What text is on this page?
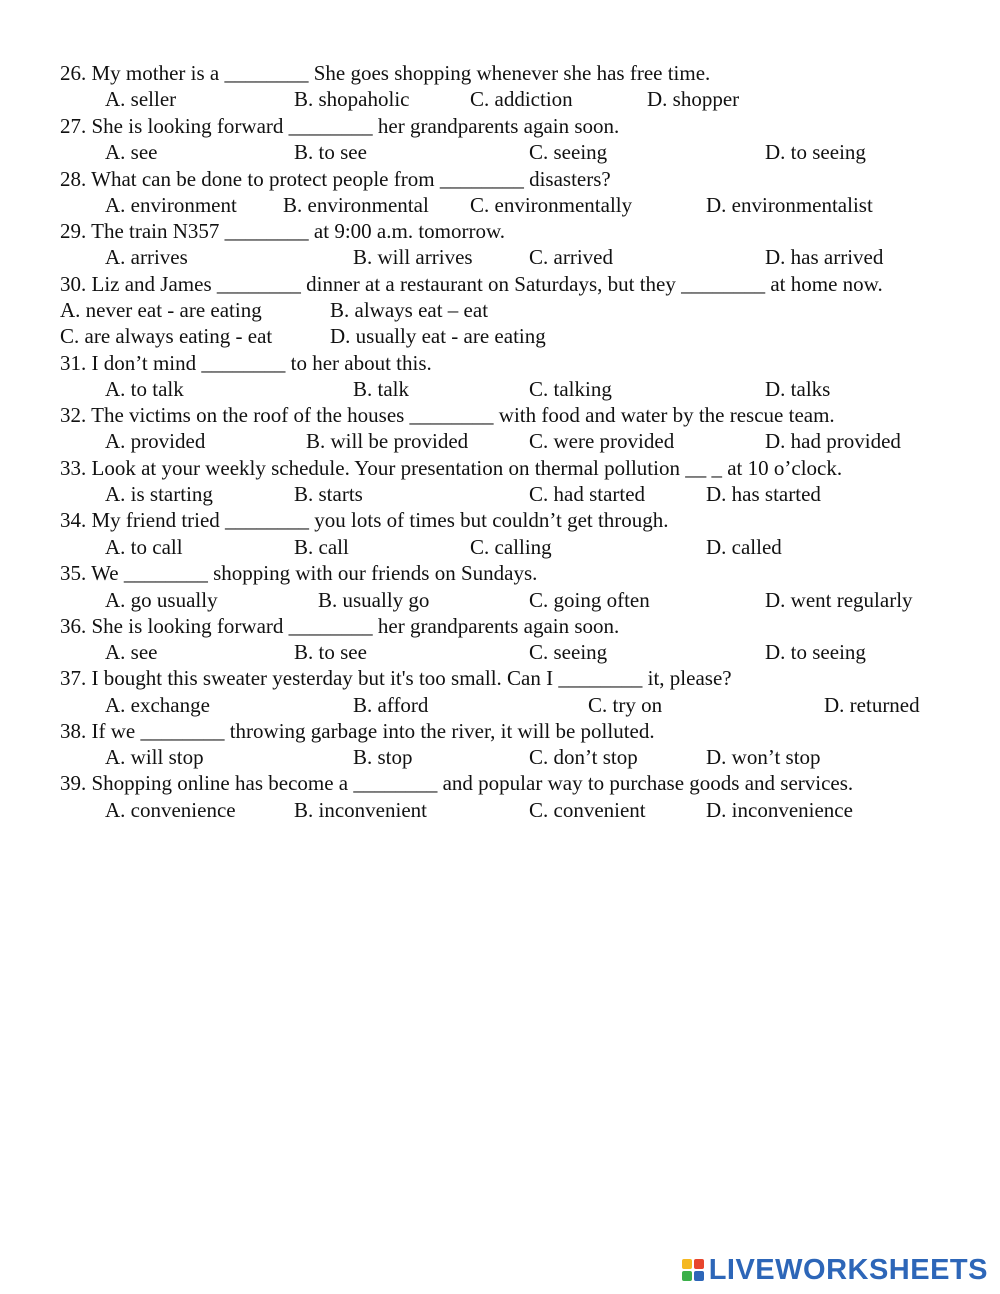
26. My mother is a ________ She goes shopping whenever she has free time.
A. seller	B. shopaholic	C. addiction	D. shopper
27. She is looking forward ________ her grandparents again soon.
A. see	B. to see	C. seeing	D. to seeing
28. What can be done to protect people from ________ disasters?
A. environment B. environmental C. environmentally	D. environmentalist
29. The train N357 ________ at 9:00 a.m. tomorrow.
A. arrives	B. will arrives	C. arrived	D. has arrived
30. Liz and James ________ dinner at a restaurant on Saturdays, but they ________ at home now.
A. never eat - are eating	B. always eat – eat
C. are always eating - eat	D. usually eat - are eating
31. I don’t mind ________ to her about this.
A. to talk	B. talk	C. talking	D. talks
32. The victims on the roof of the houses ________ with food and water by the rescue team.
A. provided	B. will be provided	C. were provided	D. had provided
33. Look at your weekly schedule. Your presentation on thermal pollution __ _ at 10 o’clock.
A. is starting	B. starts	C. had started	D. has started
34. My friend tried ________ you lots of times but couldn’t get through.
A. to call	B. call	C. calling	D. called
35. We ________ shopping with our friends on Sundays.
A. go usually	B. usually go	C. going often	D. went regularly
36. She is looking forward ________ her grandparents again soon.
A. see	B. to see	C. seeing	D. to seeing
37. I bought this sweater yesterday but it's too small. Can I ________ it, please?
A. exchange	B. afford	C. try on	D. returned
38. If we ________ throwing garbage into the river, it will be polluted.
A. will stop	B. stop	C. don’t stop	D. won’t stop
39. Shopping online has become a ________ and popular way to purchase goods and services.
A. convenience	B. inconvenient	C. convenient	D. inconvenience
LIVEWORKSHEETS
